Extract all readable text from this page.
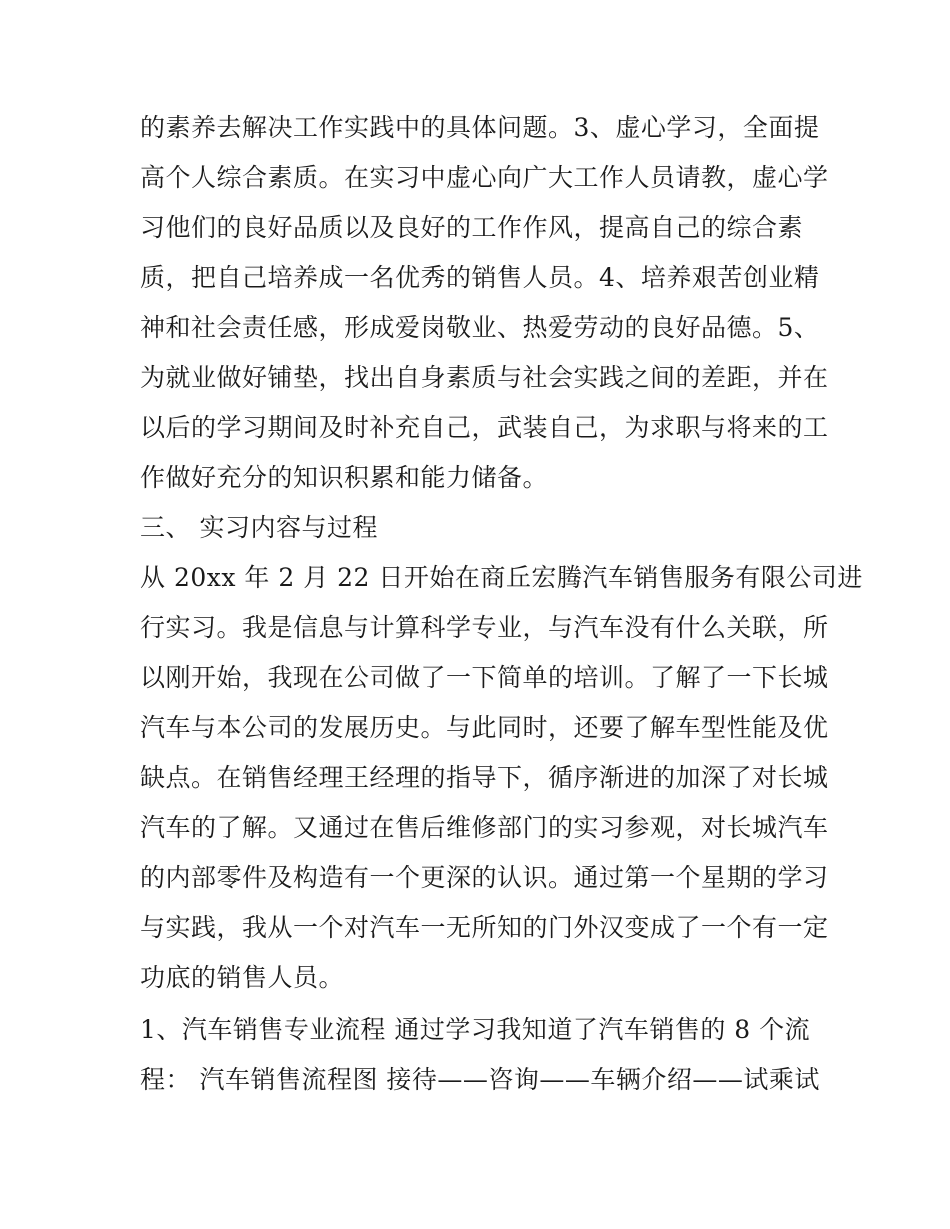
的素养去解决工作实践中的具体问题。3、虚心学习，全面提
高个人综合素质。在实习中虚心向广大工作人员请教，虚心学
习他们的良好品质以及良好的工作作风，提高自己的综合素
质，把自己培养成一名优秀的销售人员。4、培养艰苦创业精
神和社会责任感，形成爱岗敬业、热爱劳动的良好品德。5、
为就业做好铺垫，找出自身素质与社会实践之间的差距，并在
以后的学习期间及时补充自己，武装自己，为求职与将来的工
作做好充分的知识积累和能力储备。
三、 实习内容与过程
从 20xx 年 2 月 22 日开始在商丘宏腾汽车销售服务有限公司进
行实习。我是信息与计算科学专业，与汽车没有什么关联，所
以刚开始，我现在公司做了一下简单的培训。了解了一下长城
汽车与本公司的发展历史。与此同时，还要了解车型性能及优
缺点。在销售经理王经理的指导下，循序渐进的加深了对长城
汽车的了解。又通过在售后维修部门的实习参观，对长城汽车
的内部零件及构造有一个更深的认识。通过第一个星期的学习
与实践，我从一个对汽车一无所知的门外汉变成了一个有一定
功底的销售人员。
1、汽车销售专业流程 通过学习我知道了汽车销售的 8 个流
程： 汽车销售流程图 接待——咨询——车辆介绍——试乘试
